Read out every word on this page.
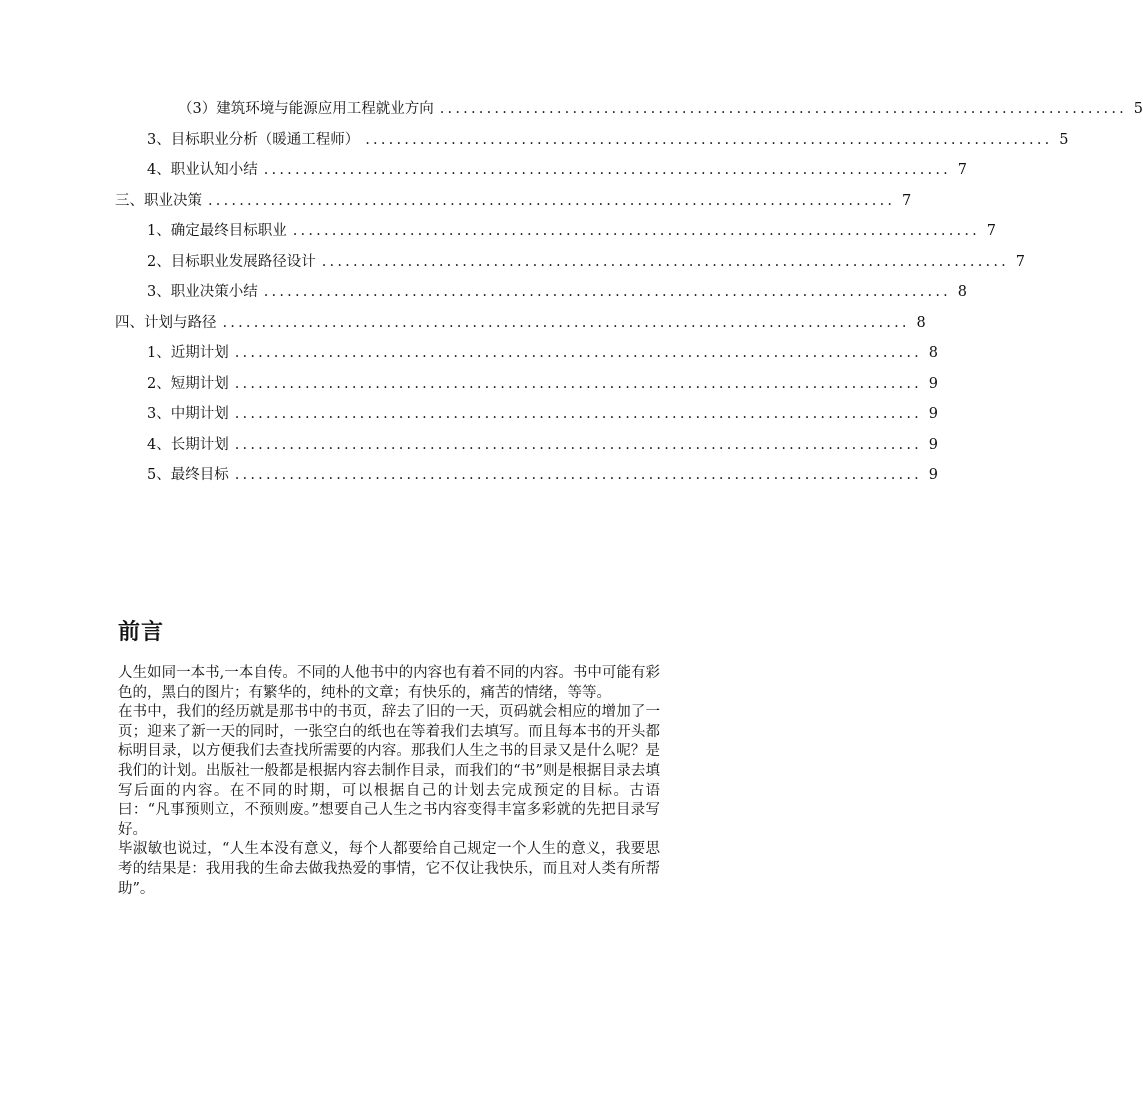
（3）建筑环境与能源应用工程就业方向 ........................................................................................ 5
3、目标职业分析（暖通工程师） ........................................................................................ 5
4、职业认知小结 ........................................................................................ 7
三、职业决策 ........................................................................................ 7
1、确定最终目标职业 ........................................................................................ 7
2、目标职业发展路径设计 ........................................................................................ 7
3、职业决策小结 ........................................................................................ 8
四、计划与路径 ........................................................................................ 8
1、近期计划 ........................................................................................ 8
2、短期计划 ........................................................................................ 9
3、中期计划 ........................................................................................ 9
4、长期计划 ........................................................................................ 9
5、最终目标 ........................................................................................ 9
前言

人生如同一本书,一本自传。不同的人他书中的内容也有着不同的内容。书中可能有彩色的，黑白的图片；有繁华的，纯朴的文章；有快乐的，痛苦的情绪，等等。

在书中，我们的经历就是那书中的书页，辞去了旧的一天，页码就会相应的增加了一页；迎来了新一天的同时，一张空白的纸也在等着我们去填写。而且每本书的开头都标明目录，以方便我们去查找所需要的内容。那我们人生之书的目录又是什么呢？是我们的计划。出版社一般都是根据内容去制作目录，而我们的“书”则是根据目录去填写后面的内容。在不同的时期，可以根据自己的计划去完成预定的目标。古语曰：“凡事预则立，不预则废。”想要自己人生之书内容变得丰富多彩就的先把目录写好。

毕淑敏也说过，“人生本没有意义，每个人都要给自己规定一个人生的意义，我要思考的结果是：我用我的生命去做我热爱的事情，它不仅让我快乐，而且对人类有所帮助”。
